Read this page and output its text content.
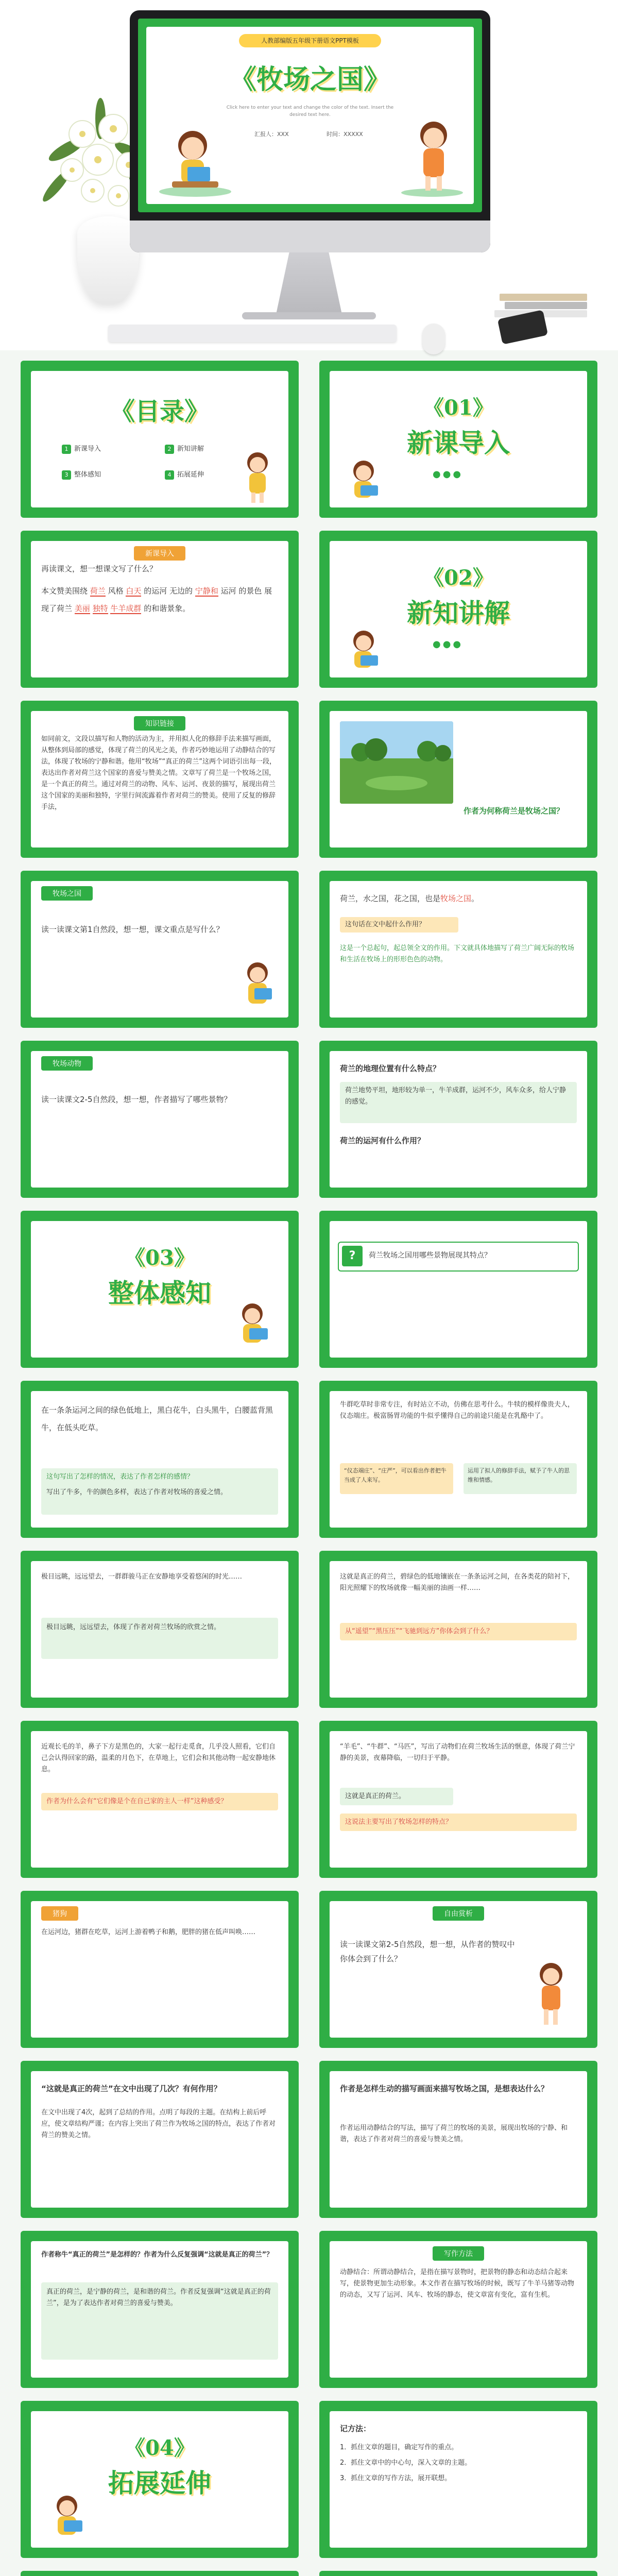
人教部编版五年级下册语文PPT模板
《牧场之国》
Click here to enter your text and change the color of the text. Insert the desired text here.
汇报人：XXX	时间：XXXXX
《目录》
1 新课导入	2 新知讲解
3 整体感知	4 拓展延伸
《01》
新课导入
●●●
新课导入
再读课文，想一想课文写了什么？
本文赞美围绕 荷兰 风格 白天 的运河 无边的 宁静和 运河 的景色 展现了荷兰 美丽 独特 牛羊成群 的和谐景象。
《02》
新知讲解
●●●
知识链接
如同前文，文段以描写和人物的活动为主，并用拟人化的修辞手法来描写画面，从整体到局部的感觉，体现了荷兰的风光之美，作者巧妙地运用了动静结合的写法，体现了牧场的宁静和谐。他用“牧场”“真正的荷兰”这两个词语引出每一段，表达出作者对荷兰这个国家的喜爱与赞美之情。文章写了荷兰是一个牧场之国，是一个真正的荷兰。通过对荷兰的动物、风车、运河、夜景的描写，展现出荷兰这个国家的美丽和独特，字里行间流露着作者对荷兰的赞美。使用了反复的修辞手法，	作者为何称荷兰是牧场之国？
牧场之国
读一读课文第1自然段，想一想，课文重点是写什么？
荷兰，水之国，花之国，也是牧场之国。
这句话在文中起什么作用？
这是一个总起句，起总领全文的作用。下文就具体地描写了荷兰广阔无际的牧场和生活在牧场上的形形色色的动物。
牧场动物
读一读课文2-5自然段，想一想，作者描写了哪些景物？
荷兰的地理位置有什么特点？
荷兰地势平坦，地形较为单一，牛羊成群，运河不少，风车众多，给人宁静的感觉。
荷兰的运河有什么作用？
《03》
整体感知
?	荷兰牧场之国用哪些景物展现其特点？
在一条条运河之间的绿色低地上，黑白花牛，白头黑牛，白腰蓝背黑牛，在低头吃草。
这句写出了怎样的情况，表达了作者怎样的感情？
写出了牛多，牛的颜色多样，表达了作者对牧场的喜爱之情。
牛群吃草时非常专注，有时站立不动，仿佛在思考什么。牛犊的模样像贵夫人，仪态端庄。极富肠胃功能的牛似乎懂得自己的前途只能是在乳酪中了。
“仪态端庄”、“庄严”，可以看出作者把牛当成了人来写。
运用了拟人的修辞手法，赋予了牛人的思维和情感。
极目远眺，远远望去，一群群骏马正在安静地享受着悠闲的时光……
极目远眺，远远望去，体现了作者对荷兰牧场的欣赏之情。
这就是真正的荷兰，碧绿色的低地镶嵌在一条条运河之间，在各类花的陪衬下，阳光照耀下的牧场就像一幅美丽的油画一样……
从“遥望”“黑压压”“飞驰到远方”你体会到了什么？
近观长毛的羊，鼻子下方是黑色的，大家一起行走觅食，几乎没人照看，它们自己会认得回家的路，温柔的月色下，在草地上，它们会和其他动物一起安静地休息。
作者为什么会有“它们像是个在自己家的主人一样”这种感受？
“羊毛”、“牛群”、“马匹”，写出了动物们在荷兰牧场生活的惬意，体现了荷兰宁静的美景，夜幕降临，一切归于平静。
这就是真正的荷兰。
这说法主要写出了牧场怎样的特点？
猪狗
在运河边，猪群在吃草，运河上游着鸭子和鹅，肥胖的猪在低声叫唤……
自由赏析
读一读课文第2-5自然段，想一想，从作者的赞叹中你体会到了什么？
“这就是真正的荷兰”在文中出现了几次？有何作用？
在文中出现了4次，起到了总结的作用。点明了每段的主题。在结构上前后呼应，使文章结构严谨；在内容上突出了荷兰作为牧场之国的特点，表达了作者对荷兰的赞美之情。
作者是怎样生动的描写画面来描写牧场之国，是想表达什么？
作者运用动静结合的写法，描写了荷兰的牧场的美景，展现出牧场的宁静、和谐，表达了作者对荷兰的喜爱与赞美之情。
作者称牛“真正的荷兰”是怎样的？作者为什么反复强调“这就是真正的荷兰”？
真正的荷兰，是宁静的荷兰，是和谐的荷兰。作者反复强调“这就是真正的荷兰”，是为了表达作者对荷兰的喜爱与赞美。
写作方法
动静结合：所谓动静结合，是指在描写景物时，把景物的静态和动态结合起来写，使景物更加生动形象。本文作者在描写牧场的时候，既写了牛羊马猪等动物的动态，又写了运河、风车、牧场的静态，使文章富有变化，富有生机。
《04》
拓展延伸
记方法：
1．抓住文章的题目，确定写作的重点。
2．抓住文章中的中心句，深入文章的主题。
3．抓住文章的写作方法，展开联想。
